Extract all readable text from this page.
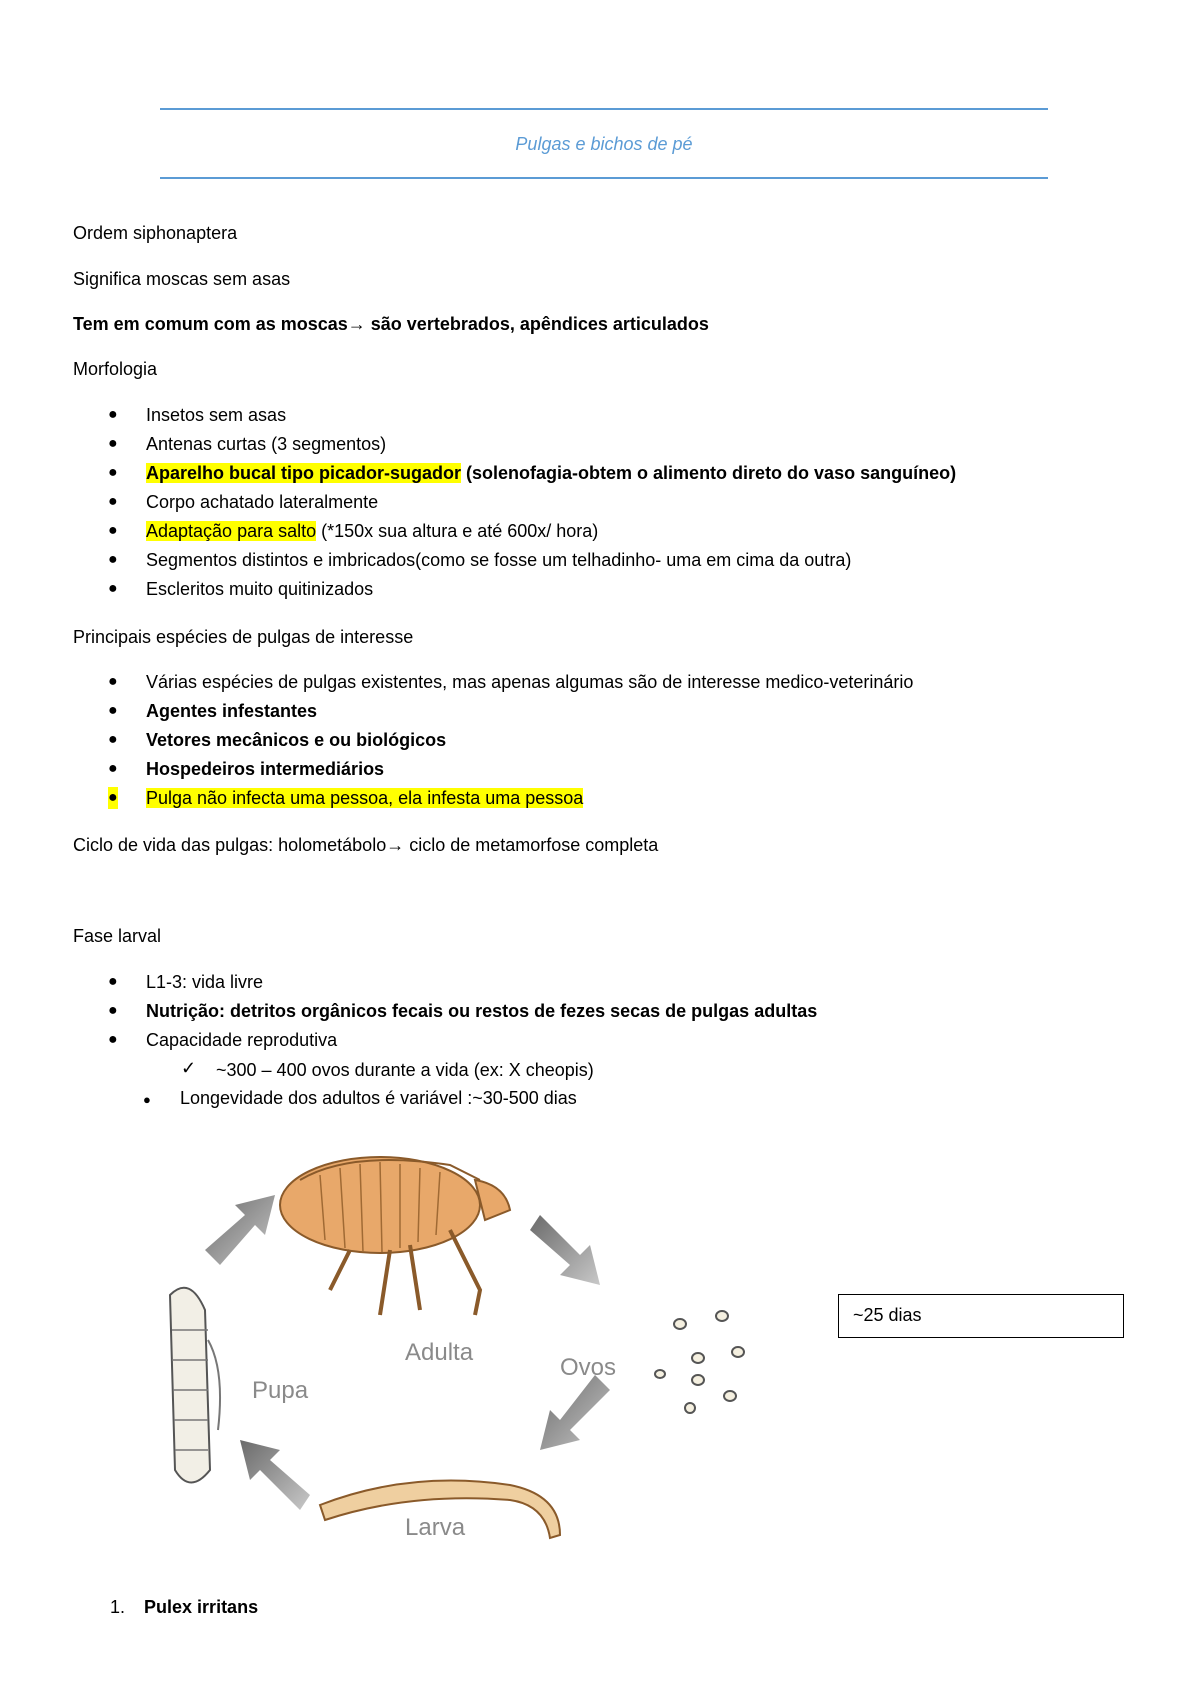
Pulgas e bichos de pé
Ordem siphonaptera
Significa moscas sem asas
Tem em comum com as moscas→ são vertebrados, apêndices articulados
Morfologia
● Insetos sem asas
● Antenas curtas (3 segmentos)
● Aparelho bucal tipo picador-sugador (solenofagia-obtem o alimento direto do vaso sanguíneo)
● Corpo achatado lateralmente
● Adaptação para salto (*150x sua altura e até 600x/ hora)
● Segmentos distintos e imbricados(como se fosse um telhadinho- uma em cima da outra)
● Escleritos muito quitinizados
Principais espécies de pulgas de interesse
● Várias espécies de pulgas existentes, mas apenas algumas são de interesse medico-veterinário
● Agentes infestantes
● Vetores mecânicos e ou biológicos
● Hospedeiros intermediários
● Pulga não infecta uma pessoa, ela infesta uma pessoa
Ciclo de vida das pulgas: holometábolo→ ciclo de metamorfose completa
Fase larval
● L1-3: vida livre
● Nutrição: detritos orgânicos fecais ou restos de fezes secas de pulgas adultas
● Capacidade reprodutiva
✓ ~300 – 400 ovos durante a vida (ex: X cheopis)
● Longevidade dos adultos é variável :~30-500 dias
Adulta
Ovos
Pupa
Larva
~25 dias
1. Pulex irritans
